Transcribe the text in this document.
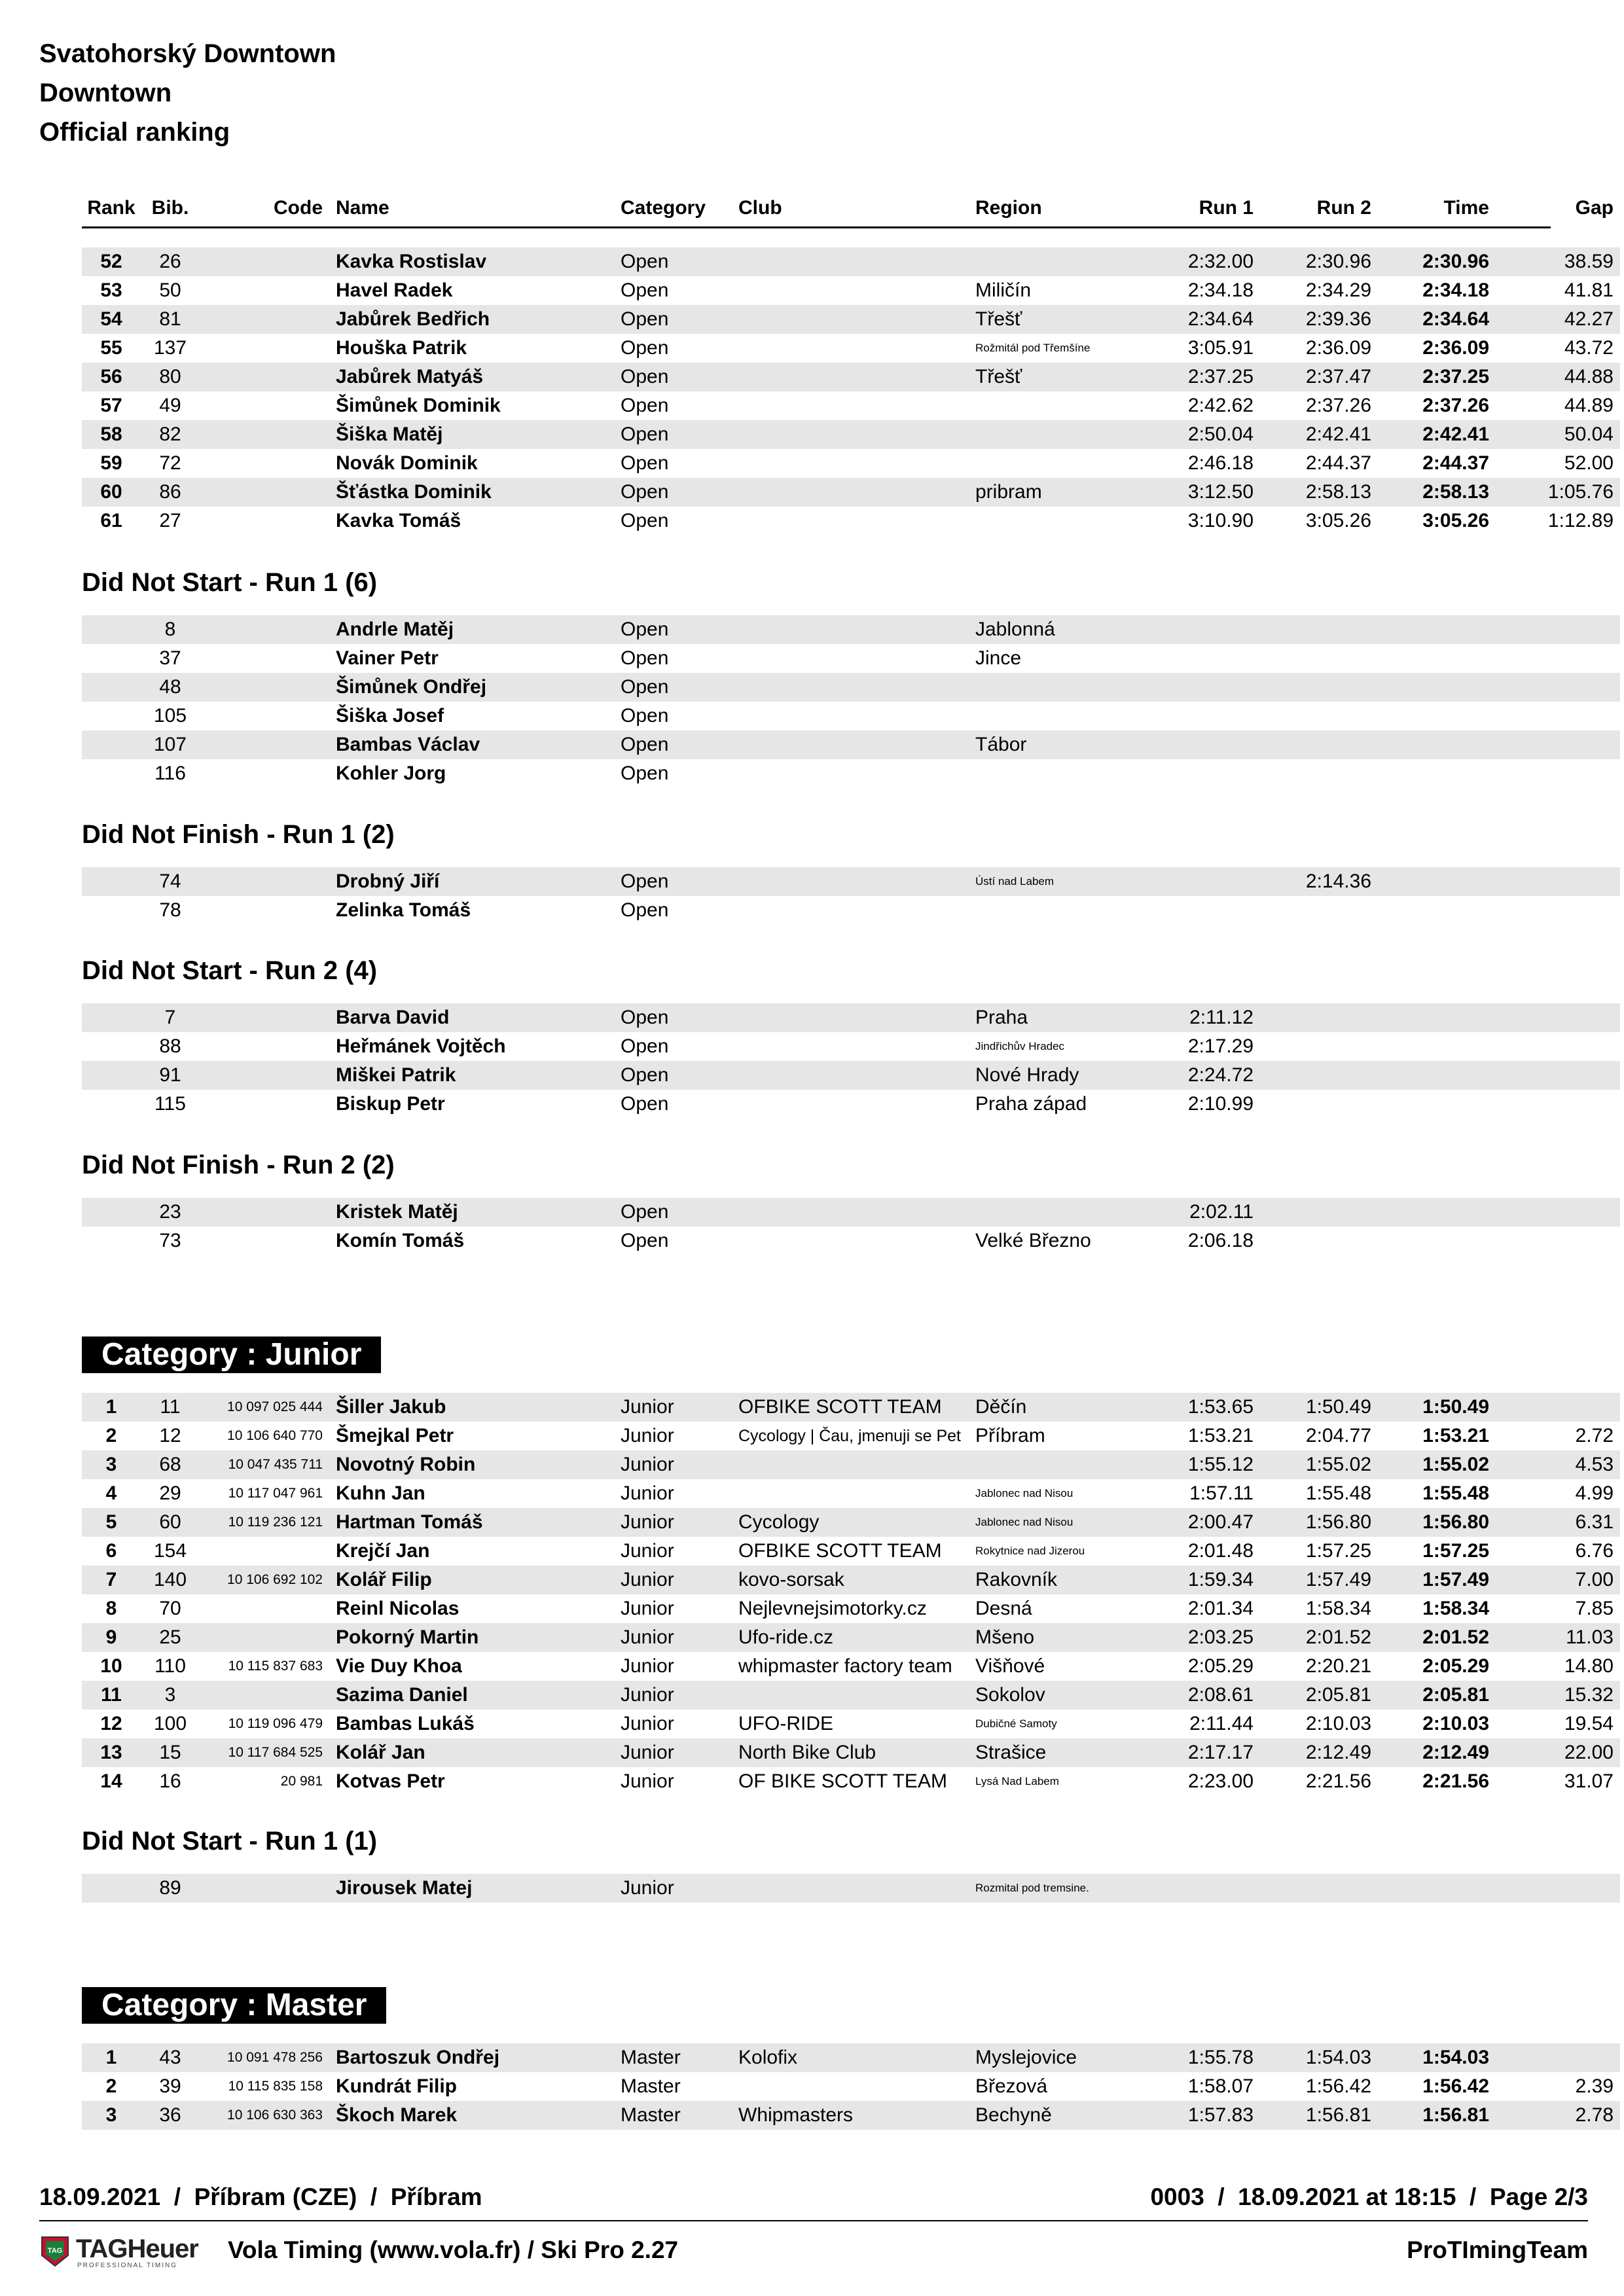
Svatohorský Downtown
Downtown
Official ranking
Rank	Bib.	Code	Name	Category	Club	Region	Run 1	Run 2	Time	Gap
52	26		Kavka Rostislav	Open			2:32.00	2:30.96	2:30.96	38.59
53	50		Havel Radek	Open		Miličín	2:34.18	2:34.29	2:34.18	41.81
54	81		Jabůrek Bedřich	Open		Třešť	2:34.64	2:39.36	2:34.64	42.27
55	137		Houška Patrik	Open		Rožmitál pod Třemšíne	3:05.91	2:36.09	2:36.09	43.72
56	80		Jabůrek Matyáš	Open		Třešť	2:37.25	2:37.47	2:37.25	44.88
57	49		Šimůnek Dominik	Open			2:42.62	2:37.26	2:37.26	44.89
58	82		Šiška Matěj	Open			2:50.04	2:42.41	2:42.41	50.04
59	72		Novák Dominik	Open			2:46.18	2:44.37	2:44.37	52.00
60	86		Šťástka Dominik	Open		pribram	3:12.50	2:58.13	2:58.13	1:05.76
61	27		Kavka Tomáš	Open			3:10.90	3:05.26	3:05.26	1:12.89
Did Not Start - Run 1 (6)
	8		Andrle Matěj	Open		Jablonná				
	37		Vainer Petr	Open		Jince				
	48		Šimůnek Ondřej	Open						
	105		Šiška Josef	Open						
	107		Bambas Václav	Open		Tábor				
	116		Kohler Jorg	Open						
Did Not Finish - Run 1 (2)
	74		Drobný Jiří	Open		Ústí nad Labem		2:14.36		
	78		Zelinka Tomáš	Open						
Did Not Start - Run 2 (4)
	7		Barva David	Open		Praha	2:11.12			
	88		Heřmánek Vojtěch	Open		Jindřichův Hradec	2:17.29			
	91		Miškei Patrik	Open		Nové Hrady	2:24.72			
	115		Biskup Petr	Open		Praha západ	2:10.99			
Did Not Finish - Run 2 (2)
	23		Kristek Matěj	Open			2:02.11			
	73		Komín Tomáš	Open		Velké Březno	2:06.18			
Category : Junior
1	11	10 097 025 444	Šiller Jakub	Junior	OFBIKE SCOTT TEAM	Děčín	1:53.65	1:50.49	1:50.49	
2	12	10 106 640 770	Šmejkal Petr	Junior	Cycology | Čau, jmenuji se Pet	Příbram	1:53.21	2:04.77	1:53.21	2.72
3	68	10 047 435 711	Novotný Robin	Junior			1:55.12	1:55.02	1:55.02	4.53
4	29	10 117 047 961	Kuhn Jan	Junior		Jablonec nad Nisou	1:57.11	1:55.48	1:55.48	4.99
5	60	10 119 236 121	Hartman Tomáš	Junior	Cycology	Jablonec nad Nisou	2:00.47	1:56.80	1:56.80	6.31
6	154		Krejčí Jan	Junior	OFBIKE SCOTT TEAM	Rokytnice nad Jizerou	2:01.48	1:57.25	1:57.25	6.76
7	140	10 106 692 102	Kolář Filip	Junior	kovo-sorsak	Rakovník	1:59.34	1:57.49	1:57.49	7.00
8	70		Reinl Nicolas	Junior	Nejlevnejsimotorky.cz	Desná	2:01.34	1:58.34	1:58.34	7.85
9	25		Pokorný Martin	Junior	Ufo-ride.cz	Mšeno	2:03.25	2:01.52	2:01.52	11.03
10	110	10 115 837 683	Vie Duy Khoa	Junior	whipmaster factory team	Višňové	2:05.29	2:20.21	2:05.29	14.80
11	3		Sazima Daniel	Junior		Sokolov	2:08.61	2:05.81	2:05.81	15.32
12	100	10 119 096 479	Bambas Lukáš	Junior	UFO-RIDE	Dubičné Samoty	2:11.44	2:10.03	2:10.03	19.54
13	15	10 117 684 525	Kolář Jan	Junior	North Bike Club	Strašice	2:17.17	2:12.49	2:12.49	22.00
14	16	20 981	Kotvas Petr	Junior	OF BIKE SCOTT TEAM	Lysá Nad Labem	2:23.00	2:21.56	2:21.56	31.07
Did Not Start - Run 1 (1)
	89		Jirousek Matej	Junior		Rozmital pod tremsine.				
Category : Master
1	43	10 091 478 256	Bartoszuk Ondřej	Master	Kolofix	Myslejovice	1:55.78	1:54.03	1:54.03	
2	39	10 115 835 158	Kundrát Filip	Master		Březová	1:58.07	1:56.42	1:56.42	2.39
3	36	10 106 630 363	Škoch Marek	Master	Whipmasters	Bechyně	1:57.83	1:56.81	1:56.81	2.78
18.09.2021  /  Příbram (CZE)  /  Příbram	0003  /  18.09.2021 at 18:15  /  Page 2/3
TAG TAGHeuer
PROFESSIONAL TIMING
Vola Timing (www.vola.fr) / Ski Pro 2.27	ProTImingTeam
